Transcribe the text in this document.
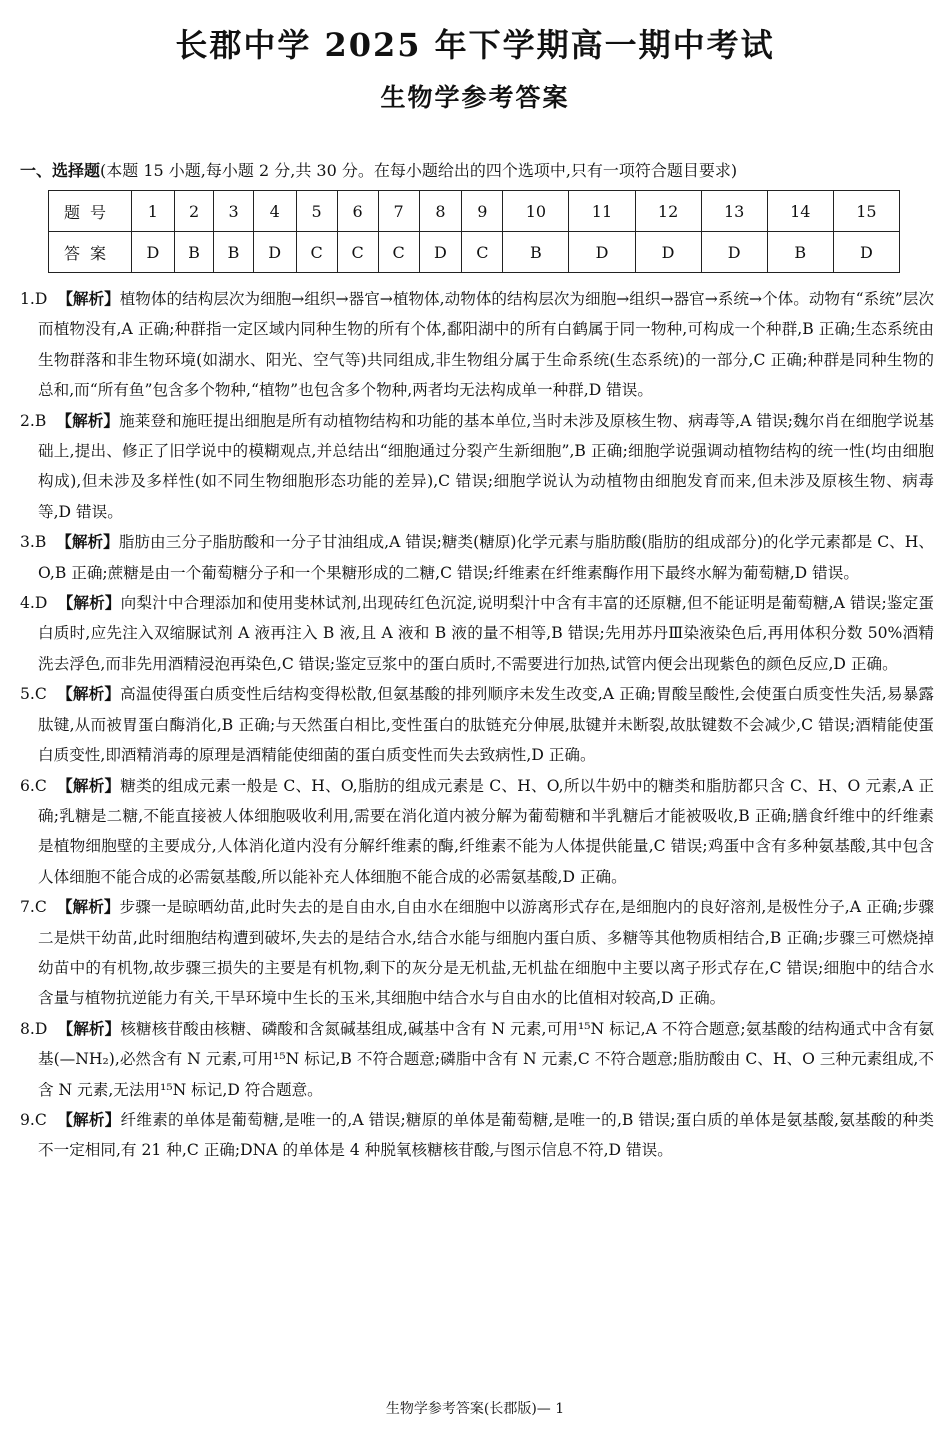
长郡中学 2025 年下学期高一期中考试
生物学参考答案
一、选择题(本题 15 小题,每小题 2 分,共 30 分。在每小题给出的四个选项中,只有一项符合题目要求)
题号	1	2	3	4	5	6	7	8	9	10	11	12	13	14	15
答案	D	B	B	D	C	C	C	D	C	B	D	D	D	B	D

1.D 【解析】植物体的结构层次为细胞→组织→器官→植物体,动物体的结构层次为细胞→组织→器官→系统→个体。动物有“系统”层次而植物没有,A 正确;种群指一定区域内同种生物的所有个体,鄱阳湖中的所有白鹤属于同一物种,可构成一个种群,B 正确;生态系统由生物群落和非生物环境(如湖水、阳光、空气等)共同组成,非生物组分属于生命系统(生态系统)的一部分,C 正确;种群是同种生物的总和,而“所有鱼”包含多个物种,“植物”也包含多个物种,两者均无法构成单一种群,D 错误。

2.B 【解析】施莱登和施旺提出细胞是所有动植物结构和功能的基本单位,当时未涉及原核生物、病毒等,A 错误;魏尔肖在细胞学说基础上,提出、修正了旧学说中的模糊观点,并总结出“细胞通过分裂产生新细胞”,B 正确;细胞学说强调动植物结构的统一性(均由细胞构成),但未涉及多样性(如不同生物细胞形态功能的差异),C 错误;细胞学说认为动植物由细胞发育而来,但未涉及原核生物、病毒等,D 错误。

3.B 【解析】脂肪由三分子脂肪酸和一分子甘油组成,A 错误;糖类(糖原)化学元素与脂肪酸(脂肪的组成部分)的化学元素都是 C、H、O,B 正确;蔗糖是由一个葡萄糖分子和一个果糖形成的二糖,C 错误;纤维素在纤维素酶作用下最终水解为葡萄糖,D 错误。

4.D 【解析】向梨汁中合理添加和使用斐林试剂,出现砖红色沉淀,说明梨汁中含有丰富的还原糖,但不能证明是葡萄糖,A 错误;鉴定蛋白质时,应先注入双缩脲试剂 A 液再注入 B 液,且 A 液和 B 液的量不相等,B 错误;先用苏丹Ⅲ染液染色后,再用体积分数 50%酒精洗去浮色,而非先用酒精浸泡再染色,C 错误;鉴定豆浆中的蛋白质时,不需要进行加热,试管内便会出现紫色的颜色反应,D 正确。

5.C 【解析】高温使得蛋白质变性后结构变得松散,但氨基酸的排列顺序未发生改变,A 正确;胃酸呈酸性,会使蛋白质变性失活,易暴露肽键,从而被胃蛋白酶消化,B 正确;与天然蛋白相比,变性蛋白的肽链充分伸展,肽键并未断裂,故肽键数不会减少,C 错误;酒精能使蛋白质变性,即酒精消毒的原理是酒精能使细菌的蛋白质变性而失去致病性,D 正确。

6.C 【解析】糖类的组成元素一般是 C、H、O,脂肪的组成元素是 C、H、O,所以牛奶中的糖类和脂肪都只含 C、H、O 元素,A 正确;乳糖是二糖,不能直接被人体细胞吸收利用,需要在消化道内被分解为葡萄糖和半乳糖后才能被吸收,B 正确;膳食纤维中的纤维素是植物细胞壁的主要成分,人体消化道内没有分解纤维素的酶,纤维素不能为人体提供能量,C 错误;鸡蛋中含有多种氨基酸,其中包含人体细胞不能合成的必需氨基酸,所以能补充人体细胞不能合成的必需氨基酸,D 正确。

7.C 【解析】步骤一是晾晒幼苗,此时失去的是自由水,自由水在细胞中以游离形式存在,是细胞内的良好溶剂,是极性分子,A 正确;步骤二是烘干幼苗,此时细胞结构遭到破坏,失去的是结合水,结合水能与细胞内蛋白质、多糖等其他物质相结合,B 正确;步骤三可燃烧掉幼苗中的有机物,故步骤三损失的主要是有机物,剩下的灰分是无机盐,无机盐在细胞中主要以离子形式存在,C 错误;细胞中的结合水含量与植物抗逆能力有关,干旱环境中生长的玉米,其细胞中结合水与自由水的比值相对较高,D 正确。

8.D 【解析】核糖核苷酸由核糖、磷酸和含氮碱基组成,碱基中含有 N 元素,可用¹⁵N 标记,A 不符合题意;氨基酸的结构通式中含有氨基(—NH₂),必然含有 N 元素,可用¹⁵N 标记,B 不符合题意;磷脂中含有 N 元素,C 不符合题意;脂肪酸由 C、H、O 三种元素组成,不含 N 元素,无法用¹⁵N 标记,D 符合题意。

9.C 【解析】纤维素的单体是葡萄糖,是唯一的,A 错误;糖原的单体是葡萄糖,是唯一的,B 错误;蛋白质的单体是氨基酸,氨基酸的种类不一定相同,有 21 种,C 正确;DNA 的单体是 4 种脱氧核糖核苷酸,与图示信息不符,D 错误。

生物学参考答案(长郡版)— 1
